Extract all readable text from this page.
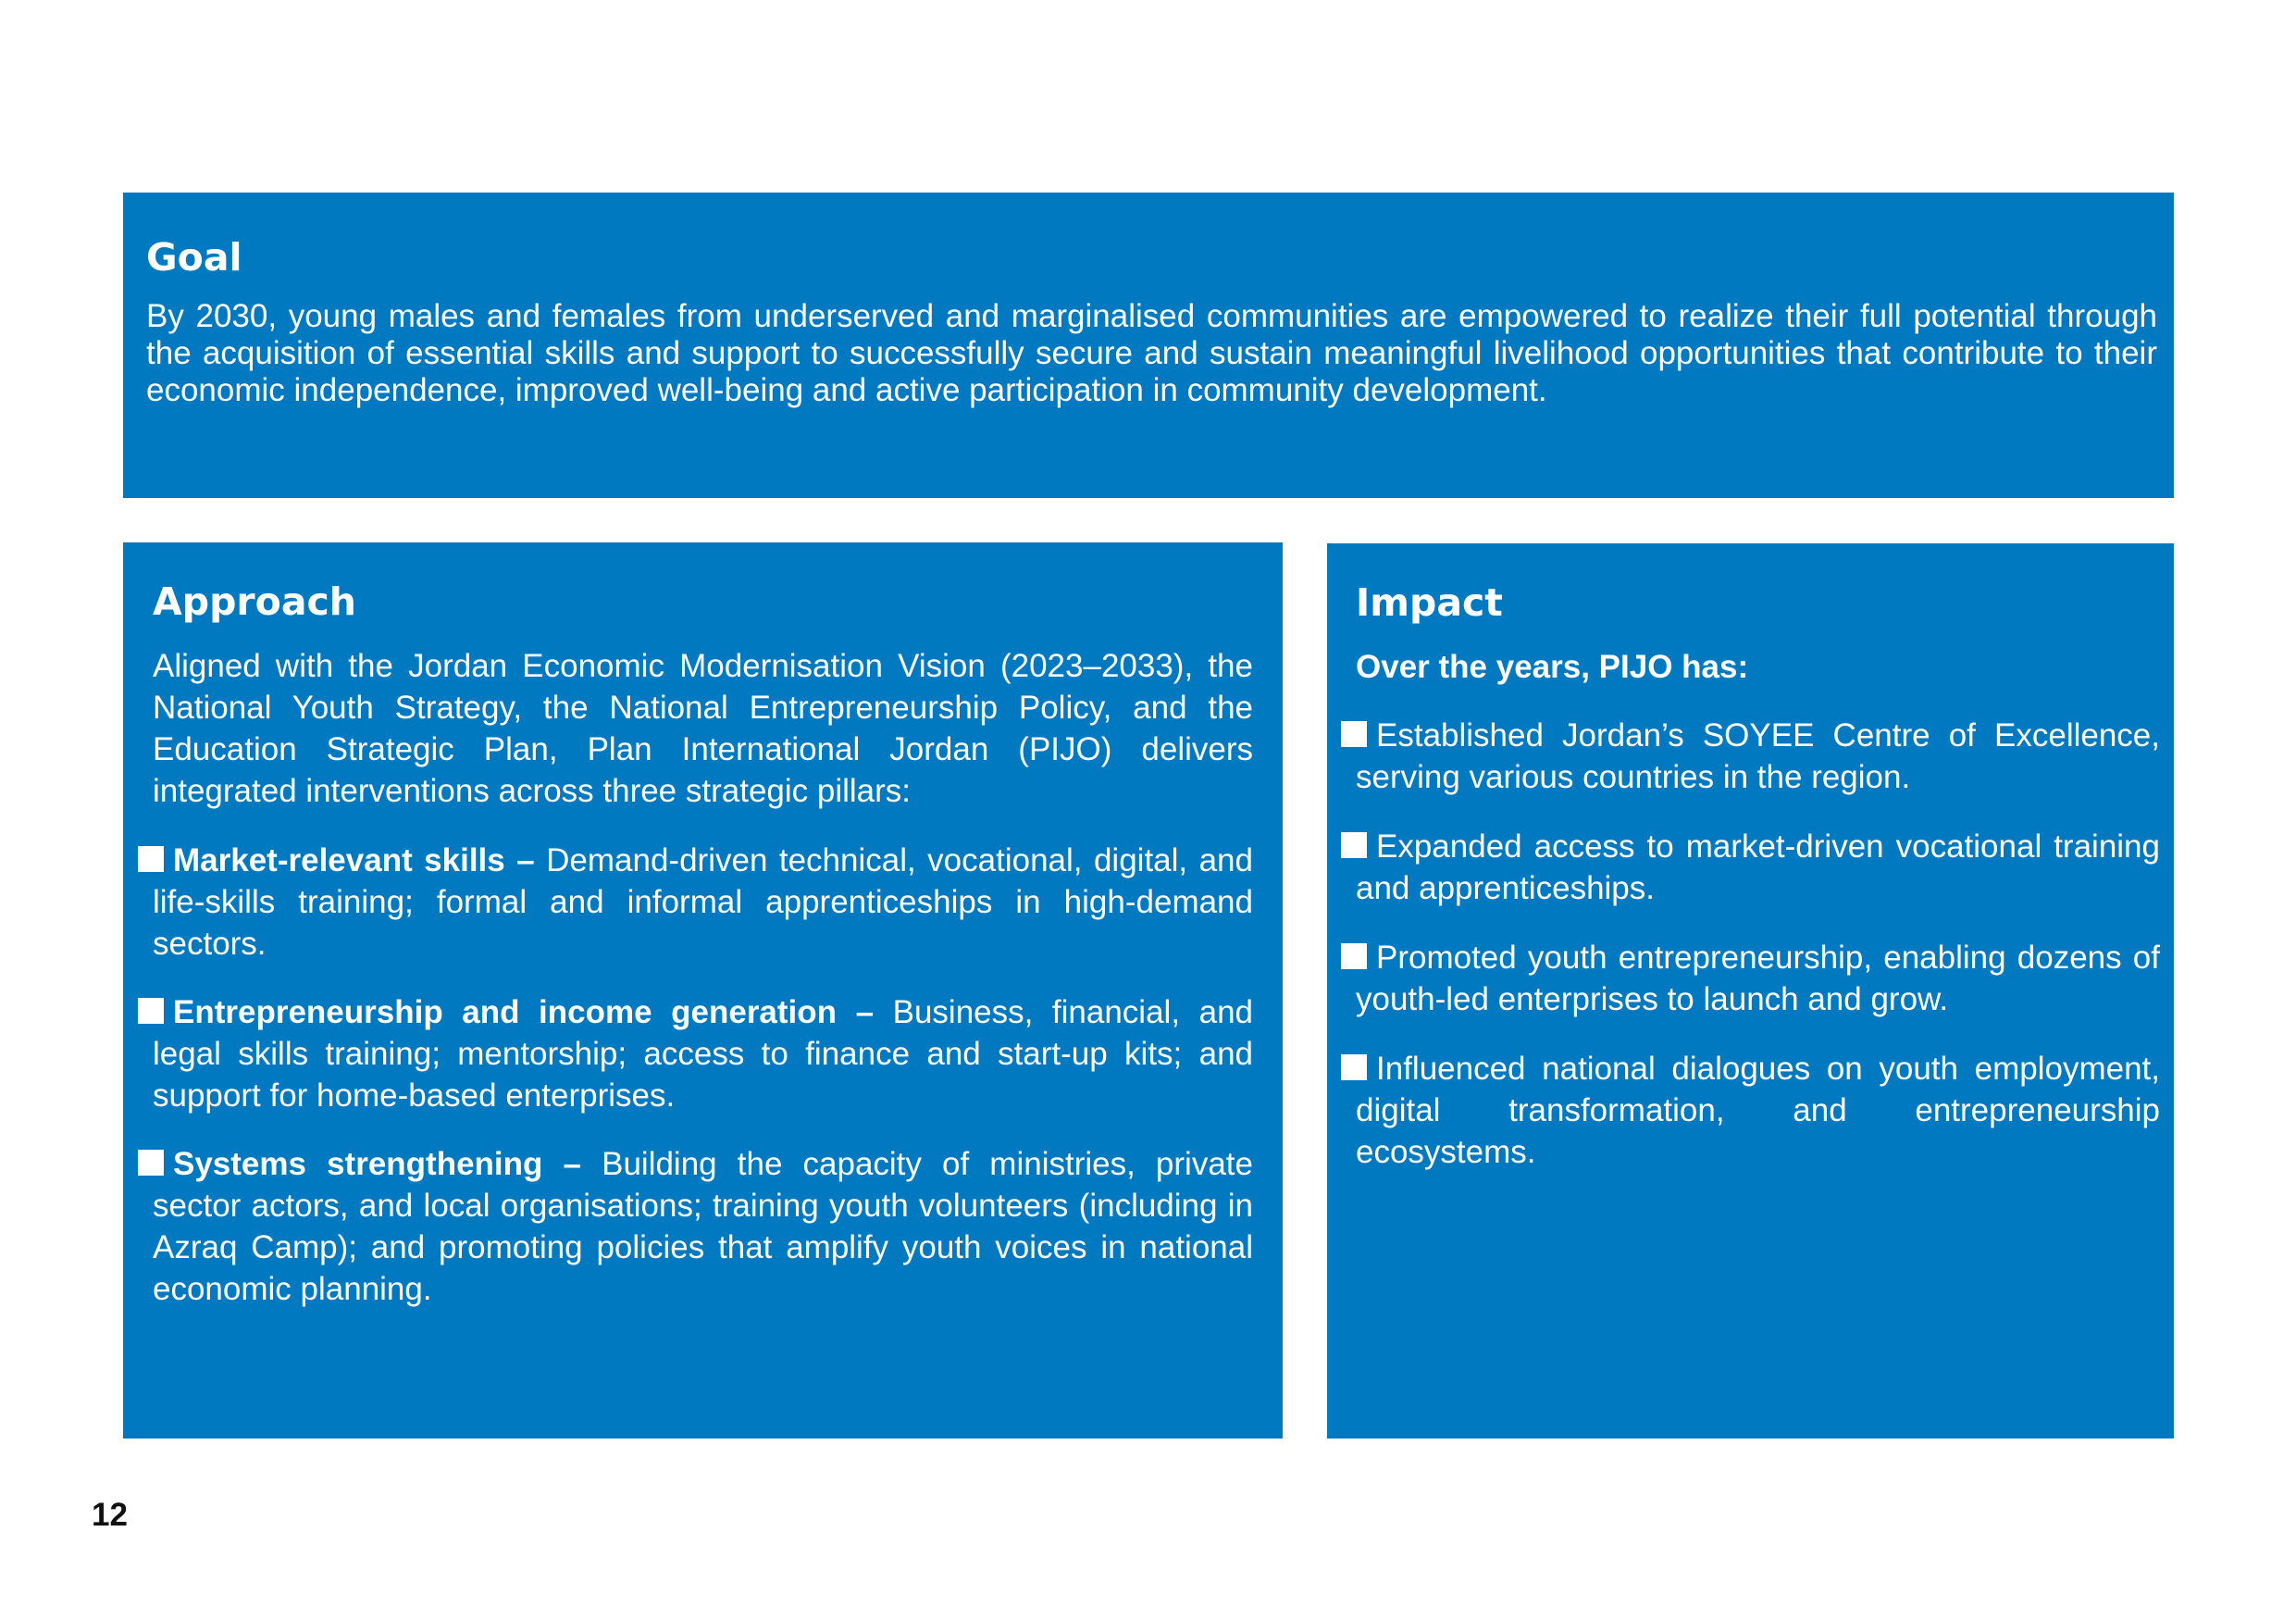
Goal

By 2030, young males and females from underserved and marginalised communities are empowered to realize their full potential through the acquisition of essential skills and support to successfully secure and sustain meaningful livelihood opportunities that contribute to their economic independence, improved well-being and active participation in community development.

Approach

Aligned with the Jordan Economic Modernisation Vision (2023–2033), the National Youth Strategy, the National Entrepreneurship Policy, and the Education Strategic Plan, Plan International Jordan (PIJO) delivers integrated interventions across three strategic pillars:

Market-relevant skills – Demand-driven technical, vocational, digital, and life-skills training; formal and informal apprenticeships in high-demand sectors.

Entrepreneurship and income generation – Business, financial, and legal skills training; mentorship; access to finance and start-up kits; and support for home-based enterprises.

Systems strengthening – Building the capacity of ministries, private sector actors, and local organisations; training youth volunteers (including in Azraq Camp); and promoting policies that amplify youth voices in national economic planning.

Impact

Over the years, PIJO has:

Established Jordan’s SOYEE Centre of Excellence, serving various countries in the region.

Expanded access to market-driven vocational training and apprenticeships.

Promoted youth entrepreneurship, enabling dozens of youth-led enterprises to launch and grow.

Influenced national dialogues on youth employment, digital transformation, and entrepreneurship ecosystems.

12
